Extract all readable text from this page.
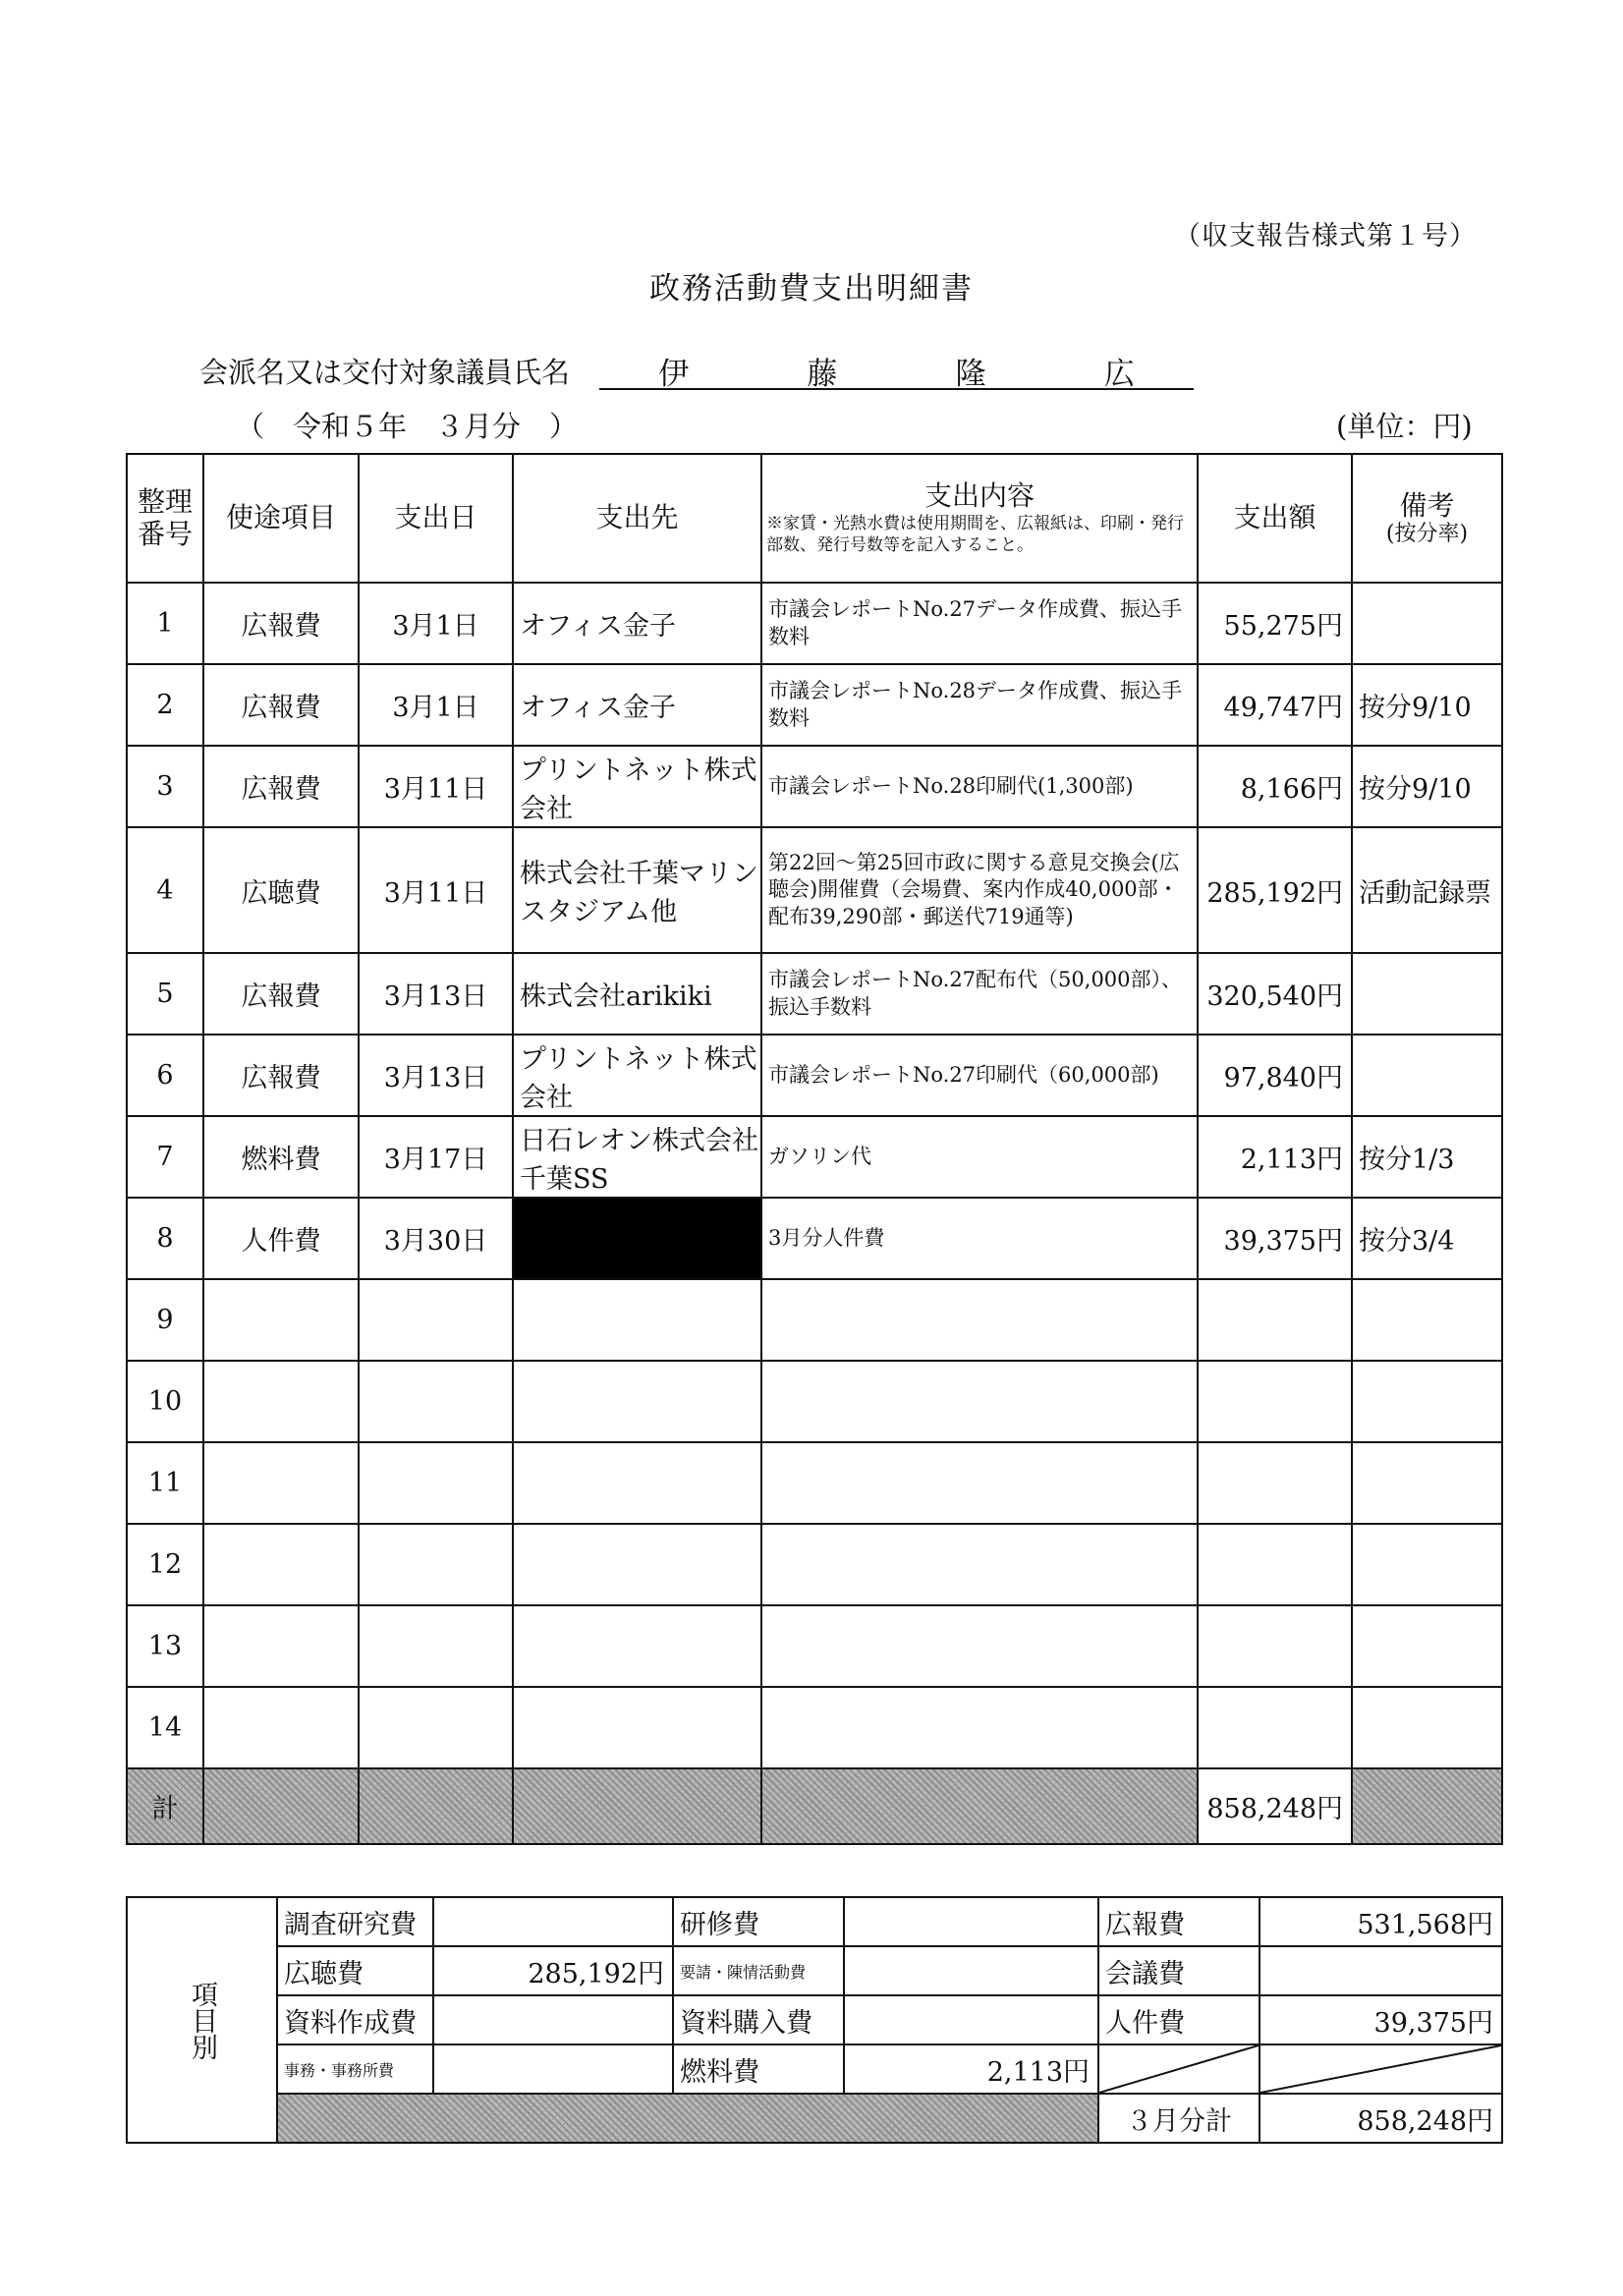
（収支報告様式第１号）
政務活動費支出明細書
会派名又は交付対象議員氏名	伊	藤	隆	広
（　令和５年　３月分　）	(単位：円)
整理
番号	使途項目	支出日	支出先	支出内容
※家賃・光熱水費は使用期間を、広報紙は、印刷・発行部数、発行号数等を記入すること。	支出額	備考
(按分率)

1	広報費	3月1日	オフィス金子	市議会レポートNo.27データ作成費、振込手数料	55,275円	
2	広報費	3月1日	オフィス金子	市議会レポートNo.28データ作成費、振込手数料	49,747円	按分9/10
3	広報費	3月11日	プリントネット株式会社	市議会レポートNo.28印刷代(1,300部)	8,166円	按分9/10
4	広聴費	3月11日	株式会社千葉マリンスタジアム他	第22回～第25回市政に関する意見交換会(広聴会)開催費（会場費、案内作成40,000部・配布39,290部・郵送代719通等)	285,192円	活動記録票
5	広報費	3月13日	株式会社arikiki	市議会レポートNo.27配布代（50,000部）、振込手数料	320,540円	
6	広報費	3月13日	プリントネット株式会社	市議会レポートNo.27印刷代（60,000部)	97,840円	
7	燃料費	3月17日	日石レオン株式会社千葉SS	ガソリン代	2,113円	按分1/3
8	人件費	3月30日		3月分人件費	39,375円	按分3/4
9						
10						
11						
12						
13						
14						
計					858,248円	
項目別	調査研究費		研修費		広報費	531,568円
	広聴費	285,192円	要請・陳情活動費		会議費	
	資料作成費		資料購入費		人件費	39,375円
	事務・事務所費		燃料費	2,113円	

					３月分計	858,248円
